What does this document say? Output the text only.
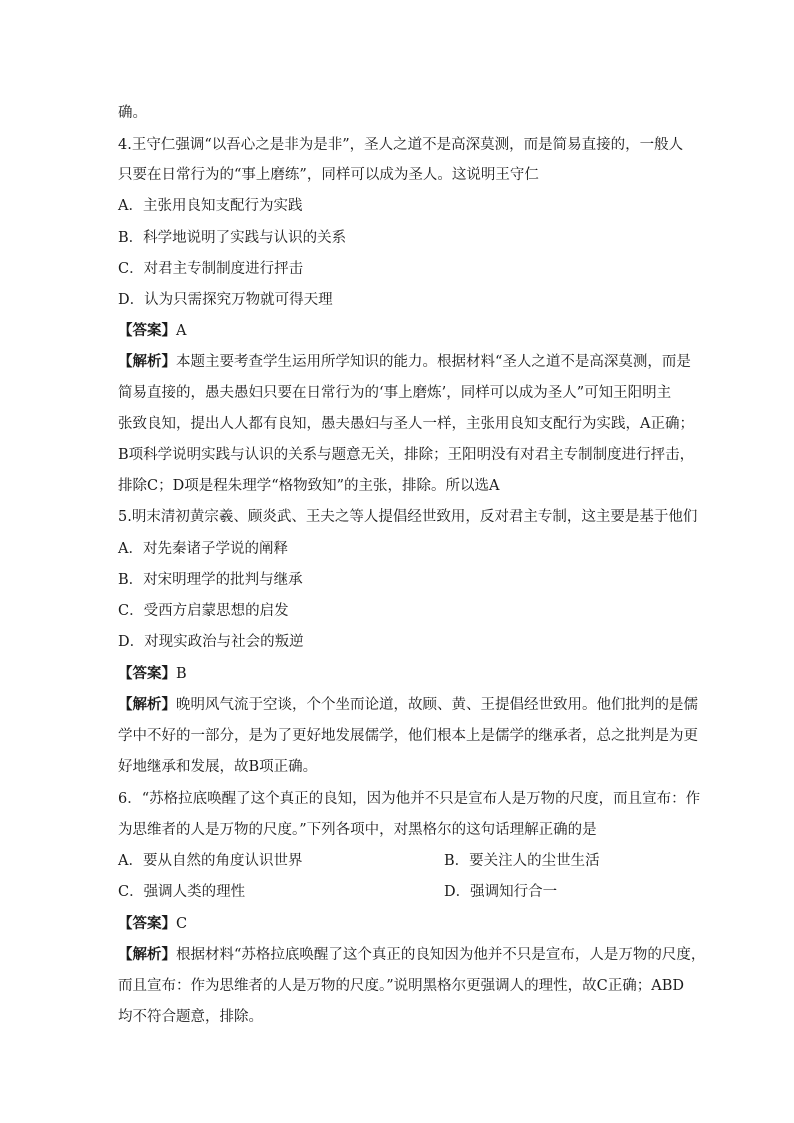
确。
4.王守仁强调“以吾心之是非为是非”，圣人之道不是高深莫测，而是简易直接的，一般人
只要在日常行为的“事上磨练”，同样可以成为圣人。这说明王守仁
A．主张用良知支配行为实践
B．科学地说明了实践与认识的关系
C．对君主专制制度进行抨击
D．认为只需探究万物就可得天理
【答案】A
【解析】本题主要考查学生运用所学知识的能力。根据材料“圣人之道不是高深莫测，而是
简易直接的，愚夫愚妇只要在日常行为的‘事上磨炼’，同样可以成为圣人”可知王阳明主
张致良知，提出人人都有良知，愚夫愚妇与圣人一样，主张用良知支配行为实践，A正确；
B项科学说明实践与认识的关系与题意无关，排除；王阳明没有对君主专制制度进行抨击，
排除C；D项是程朱理学“格物致知”的主张，排除。所以选A
5.明末清初黄宗羲、顾炎武、王夫之等人提倡经世致用，反对君主专制，这主要是基于他们
A．对先秦诸子学说的阐释
B．对宋明理学的批判与继承
C．受西方启蒙思想的启发
D．对现实政治与社会的叛逆
【答案】B
【解析】晚明风气流于空谈，个个坐而论道，故顾、黄、王提倡经世致用。他们批判的是儒
学中不好的一部分，是为了更好地发展儒学，他们根本上是儒学的继承者，总之批判是为更
好地继承和发展，故B项正确。
6．“苏格拉底唤醒了这个真正的良知，因为他并不只是宣布人是万物的尺度，而且宣布：作
为思维者的人是万物的尺度。”下列各项中，对黑格尔的这句话理解正确的是
A．要从自然的角度认识世界	B．要关注人的尘世生活
C．强调人类的理性	D．强调知行合一
【答案】C
【解析】根据材料“苏格拉底唤醒了这个真正的良知因为他并不只是宣布，人是万物的尺度，
而且宣布：作为思维者的人是万物的尺度。”说明黑格尔更强调人的理性，故C正确；ABD
均不符合题意，排除。
